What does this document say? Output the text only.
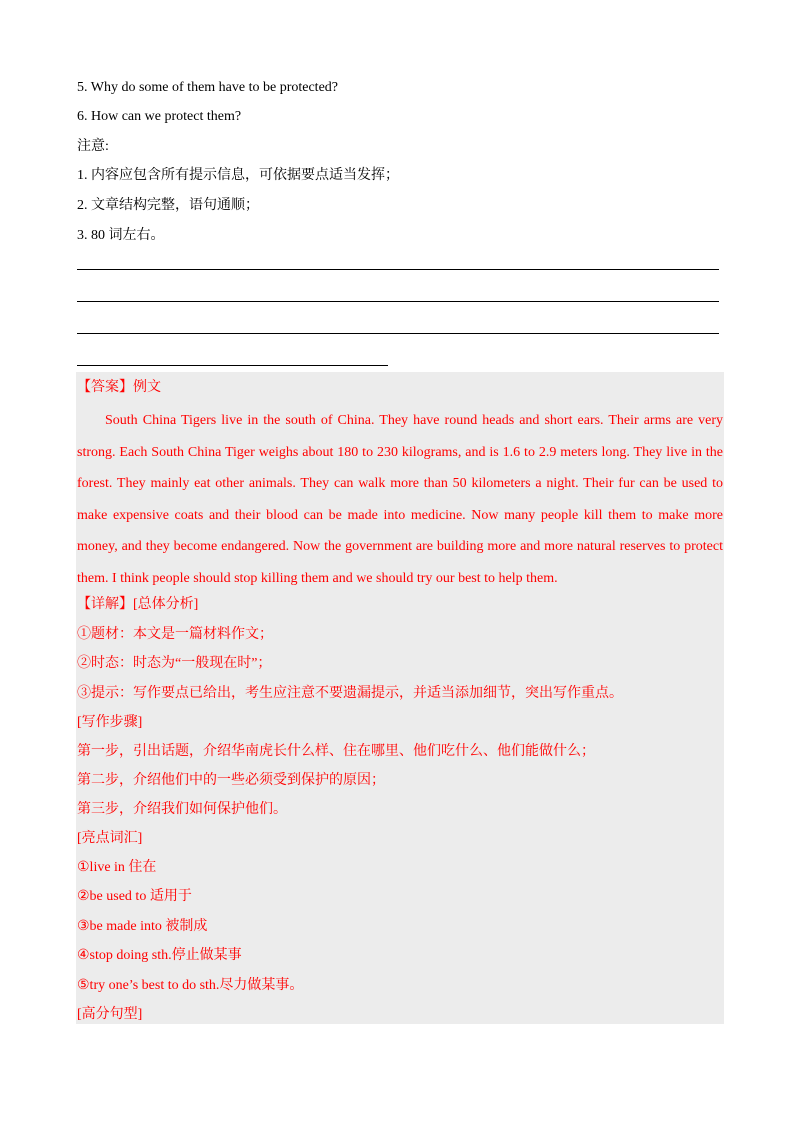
5. Why do some of them have to be protected?
6. How can we protect them?
注意:
1. 内容应包含所有提示信息，可依据要点适当发挥；
2. 文章结构完整，语句通顺；
3. 80 词左右。
【答案】例文

South China Tigers live in the south of China. They have round heads and short ears. Their arms are very strong. Each South China Tiger weighs about 180 to 230 kilograms, and is 1.6 to 2.9 meters long. They live in the forest. They mainly eat other animals. They can walk more than 50 kilometers a night. Their fur can be used to make expensive coats and their blood can be made into medicine. Now many people kill them to make more money, and they become endangered. Now the government are building more and more natural reserves to protect them. I think people should stop killing them and we should try our best to help them.

【详解】[总体分析]
①题材：本文是一篇材料作文；
②时态：时态为“一般现在时”；
③提示：写作要点已给出，考生应注意不要遗漏提示，并适当添加细节，突出写作重点。
[写作步骤]
第一步，引出话题，介绍华南虎长什么样、住在哪里、他们吃什么、他们能做什么；
第二步，介绍他们中的一些必须受到保护的原因；
第三步，介绍我们如何保护他们。
[亮点词汇]
①live in 住在
②be used to 适用于
③be made into 被制成
④stop doing sth.停止做某事
⑤try one’s best to do sth.尽力做某事。
[高分句型]
